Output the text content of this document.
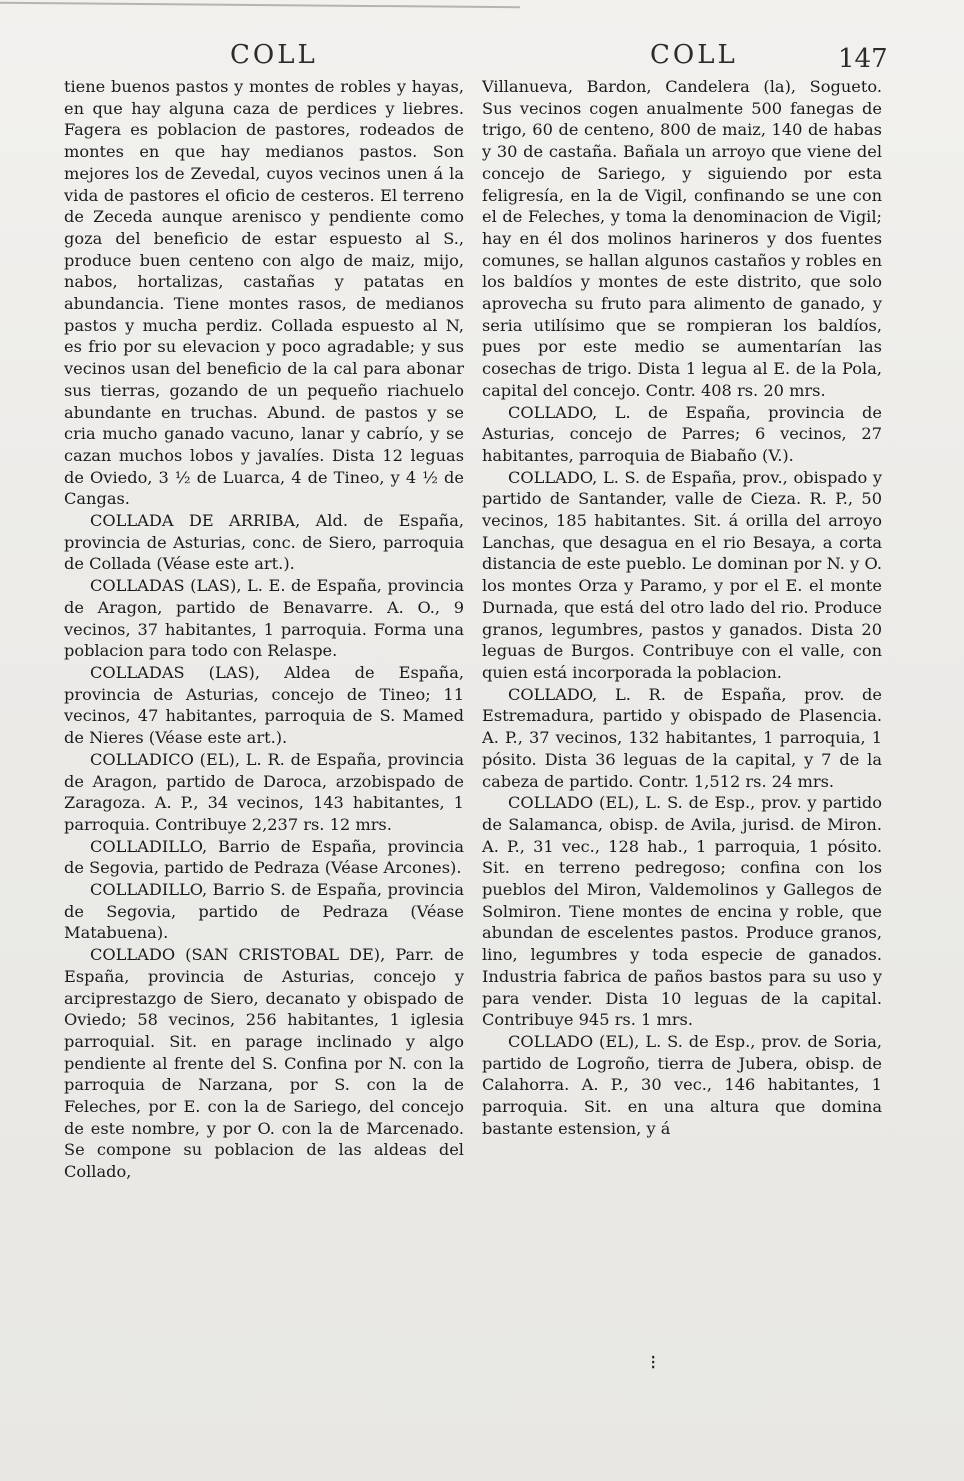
COLL	COLL	147

tiene buenos pastos y montes de robles y hayas, en que hay alguna caza de perdices y liebres. Fagera es poblacion de pastores, rodeados de montes en que hay medianos pastos. Son mejores los de Zevedal, cuyos vecinos unen á la vida de pastores el oficio de cesteros. El terreno de Zeceda aunque arenisco y pendiente como goza del beneficio de estar espuesto al S., produce buen centeno con algo de maiz, mijo, nabos, hortalizas, castañas y patatas en abundancia. Tiene montes rasos, de medianos pastos y mucha perdiz. Collada espuesto al N, es frio por su elevacion y poco agradable; y sus vecinos usan del beneficio de la cal para abonar sus tierras, gozando de un pequeño riachuelo abundante en truchas. Abund. de pastos y se cria mucho ganado vacuno, lanar y cabrío, y se cazan muchos lobos y javalíes. Dista 12 leguas de Oviedo, 3 ½ de Luarca, 4 de Tineo, y 4 ½ de Cangas.

COLLADA DE ARRIBA, Ald. de España, provincia de Asturias, conc. de Siero, parroquia de Collada (Véase este art.).

COLLADAS (LAS), L. E. de España, provincia de Aragon, partido de Benavarre. A. O., 9 vecinos, 37 habitantes, 1 parroquia. Forma una poblacion para todo con Relaspe.

COLLADAS (LAS), Aldea de España, provincia de Asturias, concejo de Tineo; 11 vecinos, 47 habitantes, parroquia de S. Mamed de Nieres (Véase este art.).

COLLADICO (EL), L. R. de España, provincia de Aragon, partido de Daroca, arzobispado de Zaragoza. A. P., 34 vecinos, 143 habitantes, 1 parroquia. Contribuye 2,237 rs. 12 mrs.

COLLADILLO, Barrio de España, provincia de Segovia, partido de Pedraza (Véase Arcones).

COLLADILLO, Barrio S. de España, provincia de Segovia, partido de Pedraza (Véase Matabuena).

COLLADO (SAN CRISTOBAL DE), Parr. de España, provincia de Asturias, concejo y arciprestazgo de Siero, decanato y obispado de Oviedo; 58 vecinos, 256 habitantes, 1 iglesia parroquial. Sit. en parage inclinado y algo pendiente al frente del S. Confina por N. con la parroquia de Narzana, por S. con la de Feleches, por E. con la de Sariego, del concejo de este nombre, y por O. con la de Marcenado. Se compone su poblacion de las aldeas del Collado,

Villanueva, Bardon, Candelera (la), Sogueto. Sus vecinos cogen anualmente 500 fanegas de trigo, 60 de centeno, 800 de maiz, 140 de habas y 30 de castaña. Bañala un arroyo que viene del concejo de Sariego, y siguiendo por esta feligresía, en la de Vigil, confinando se une con el de Feleches, y toma la denominacion de Vigil; hay en él dos molinos harineros y dos fuentes comunes, se hallan algunos castaños y robles en los baldíos y montes de este distrito, que solo aprovecha su fruto para alimento de ganado, y seria utilísimo que se rompieran los baldíos, pues por este medio se aumentarían las cosechas de trigo. Dista 1 legua al E. de la Pola, capital del concejo. Contr. 408 rs. 20 mrs.

COLLADO, L. de España, provincia de Asturias, concejo de Parres; 6 vecinos, 27 habitantes, parroquia de Biabaño (V.).

COLLADO, L. S. de España, prov., obispado y partido de Santander, valle de Cieza. R. P., 50 vecinos, 185 habitantes. Sit. á orilla del arroyo Lanchas, que desagua en el rio Besaya, a corta distancia de este pueblo. Le dominan por N. y O. los montes Orza y Paramo, y por el E. el monte Durnada, que está del otro lado del rio. Produce granos, legumbres, pastos y ganados. Dista 20 leguas de Burgos. Contribuye con el valle, con quien está incorporada la poblacion.

COLLADO, L. R. de España, prov. de Estremadura, partido y obispado de Plasencia. A. P., 37 vecinos, 132 habitantes, 1 parroquia, 1 pósito. Dista 36 leguas de la capital, y 7 de la cabeza de partido. Contr. 1,512 rs. 24 mrs.

COLLADO (EL), L. S. de Esp., prov. y partido de Salamanca, obisp. de Avila, jurisd. de Miron. A. P., 31 vec., 128 hab., 1 parroquia, 1 pósito. Sit. en terreno pedregoso; confina con los pueblos del Miron, Valdemolinos y Gallegos de Solmiron. Tiene montes de encina y roble, que abundan de escelentes pastos. Produce granos, lino, legumbres y toda especie de ganados. Industria fabrica de paños bastos para su uso y para vender. Dista 10 leguas de la capital. Contribuye 945 rs. 1 mrs.

COLLADO (EL), L. S. de Esp., prov. de Soria, partido de Logroño, tierra de Jubera, obisp. de Calahorra. A. P., 30 vec., 146 habitantes, 1 parroquia. Sit. en una altura que domina bastante estension, y á

⁝
